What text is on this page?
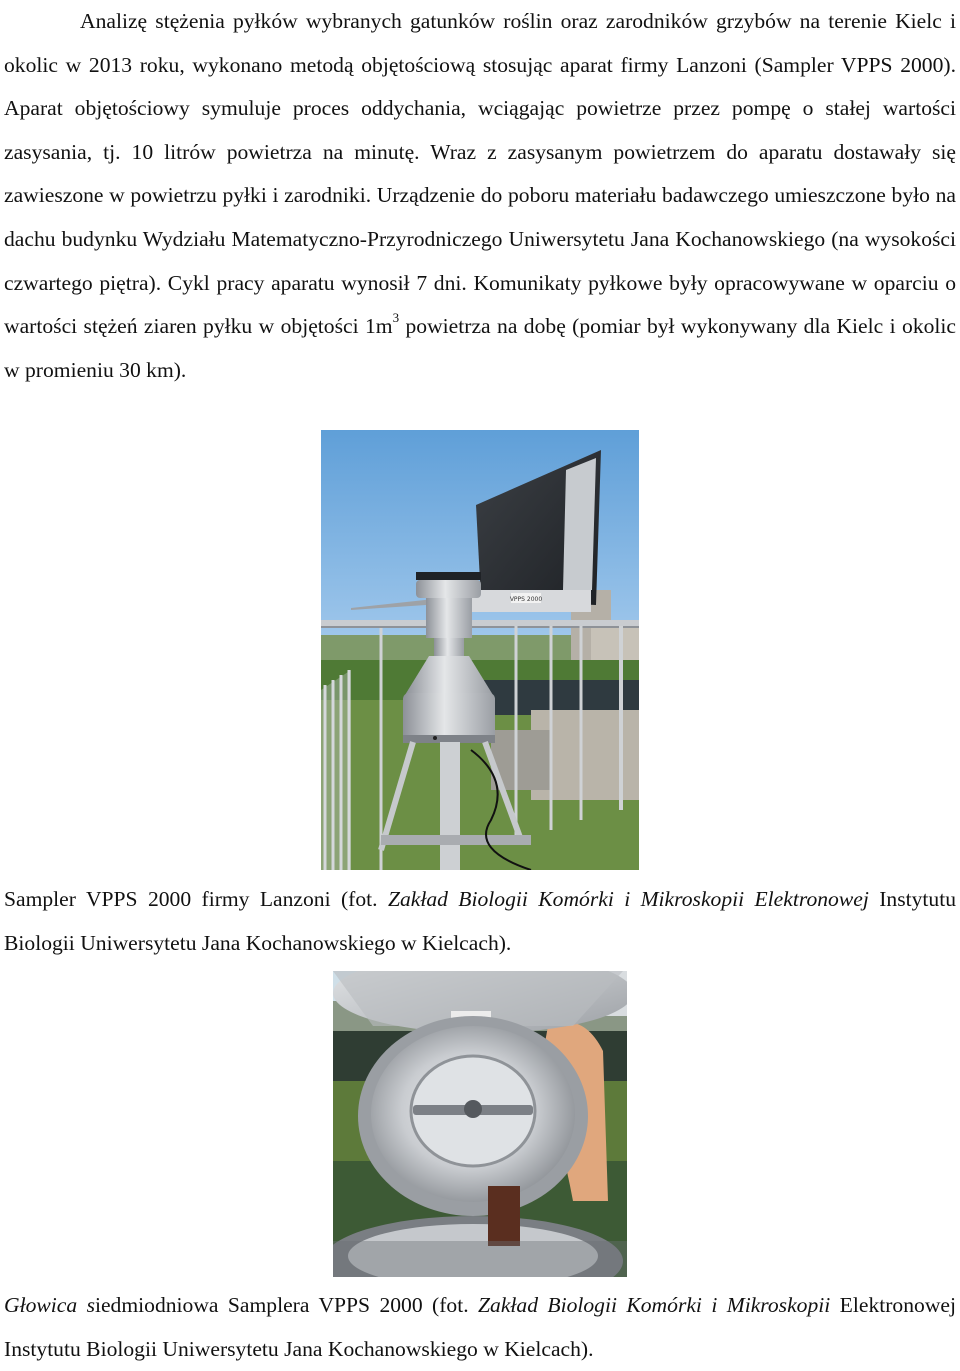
Analizę stężenia pyłków wybranych gatunków roślin oraz zarodników grzybów na terenie Kielc i okolic w 2013 roku, wykonano metodą objętościową stosując aparat firmy Lanzoni (Sampler VPPS 2000). Aparat objętościowy symuluje proces oddychania, wciągając powietrze przez pompę o stałej wartości zasysania, tj. 10 litrów powietrza na minutę. Wraz z zasysanym powietrzem do aparatu dostawały się zawieszone w powietrzu pyłki i zarodniki. Urządzenie do poboru materiału badawczego umieszczone było na dachu budynku Wydziału Matematyczno-Przyrodniczego Uniwersytetu Jana Kochanowskiego (na wysokości czwartego piętra). Cykl pracy aparatu wynosił 7 dni. Komunikaty pyłkowe były opracowywane w oparciu o wartości stężeń ziaren pyłku w objętości $1m^3$ powietrza na dobę (pomiar był wykonywany dla Kielc i okolic w promieniu 30 km).

VPPS 2000

Sampler VPPS 2000 firmy Lanzoni (fot. Zakład Biologii Komórki i Mikroskopii Elektronowej Instytutu Biologii Uniwersytetu Jana Kochanowskiego w Kielcach).

Głowica siedmiodniowa Samplera VPPS 2000 (fot. Zakład Biologii Komórki i Mikroskopii Elektronowej Instytutu Biologii Uniwersytetu Jana Kochanowskiego w Kielcach).
